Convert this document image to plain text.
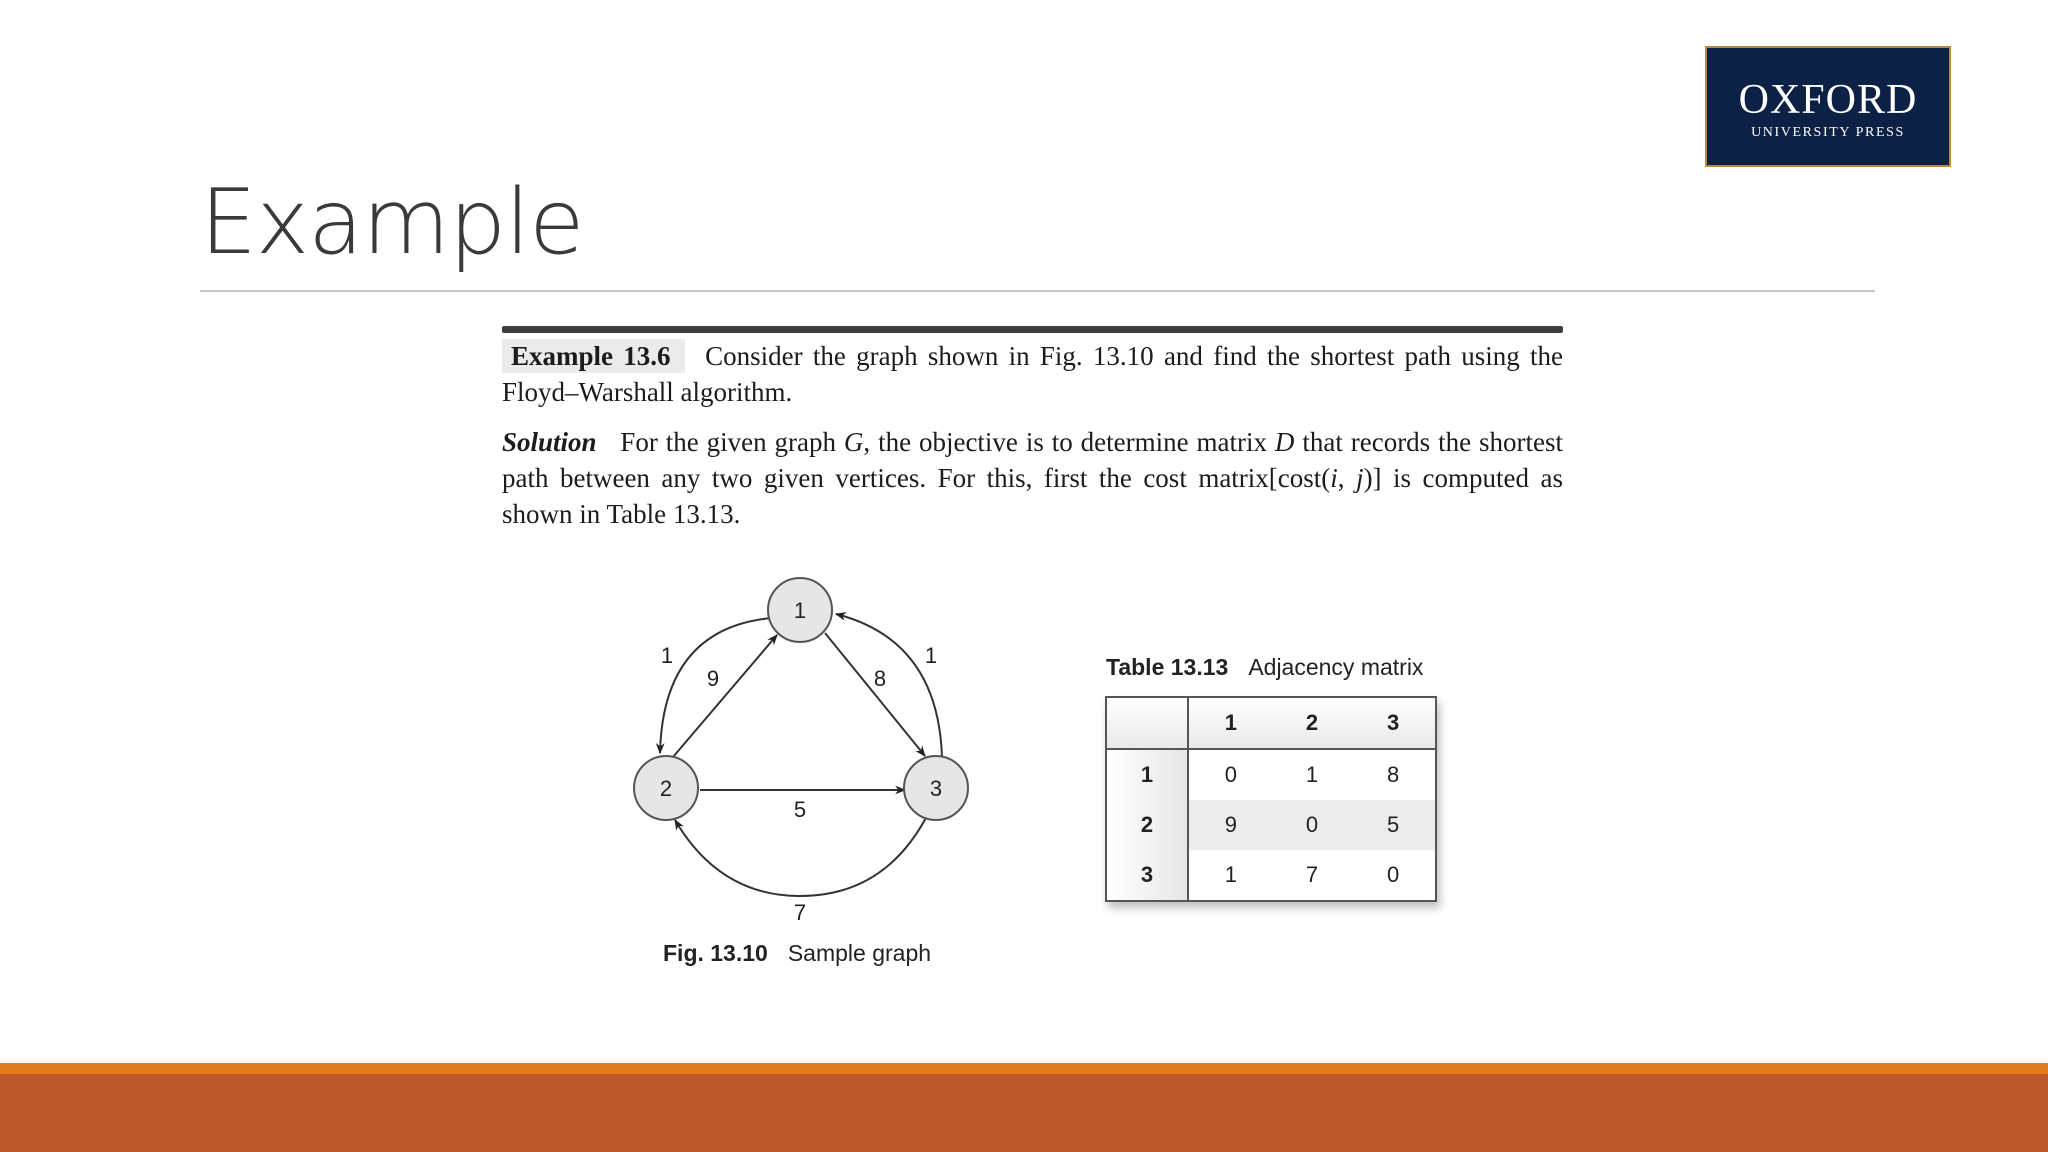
OXFORD
UNIVERSITY PRESS
Example

Example 13.6 Consider the graph shown in Fig. 13.10 and find the shortest path using the Floyd–Warshall algorithm.

Solution For the given graph G, the objective is to determine matrix D that records the shortest path between any two given vertices. For this, first the cost matrix[cost(i, j)] is computed as shown in Table 13.13.

1
2	3
9
1
8
1
5
7
Fig. 13.10 Sample graph
Table 13.13 Adjacency matrix
	1	2	3
1	0	1	8
2	9	0	5
3	1	7	0
